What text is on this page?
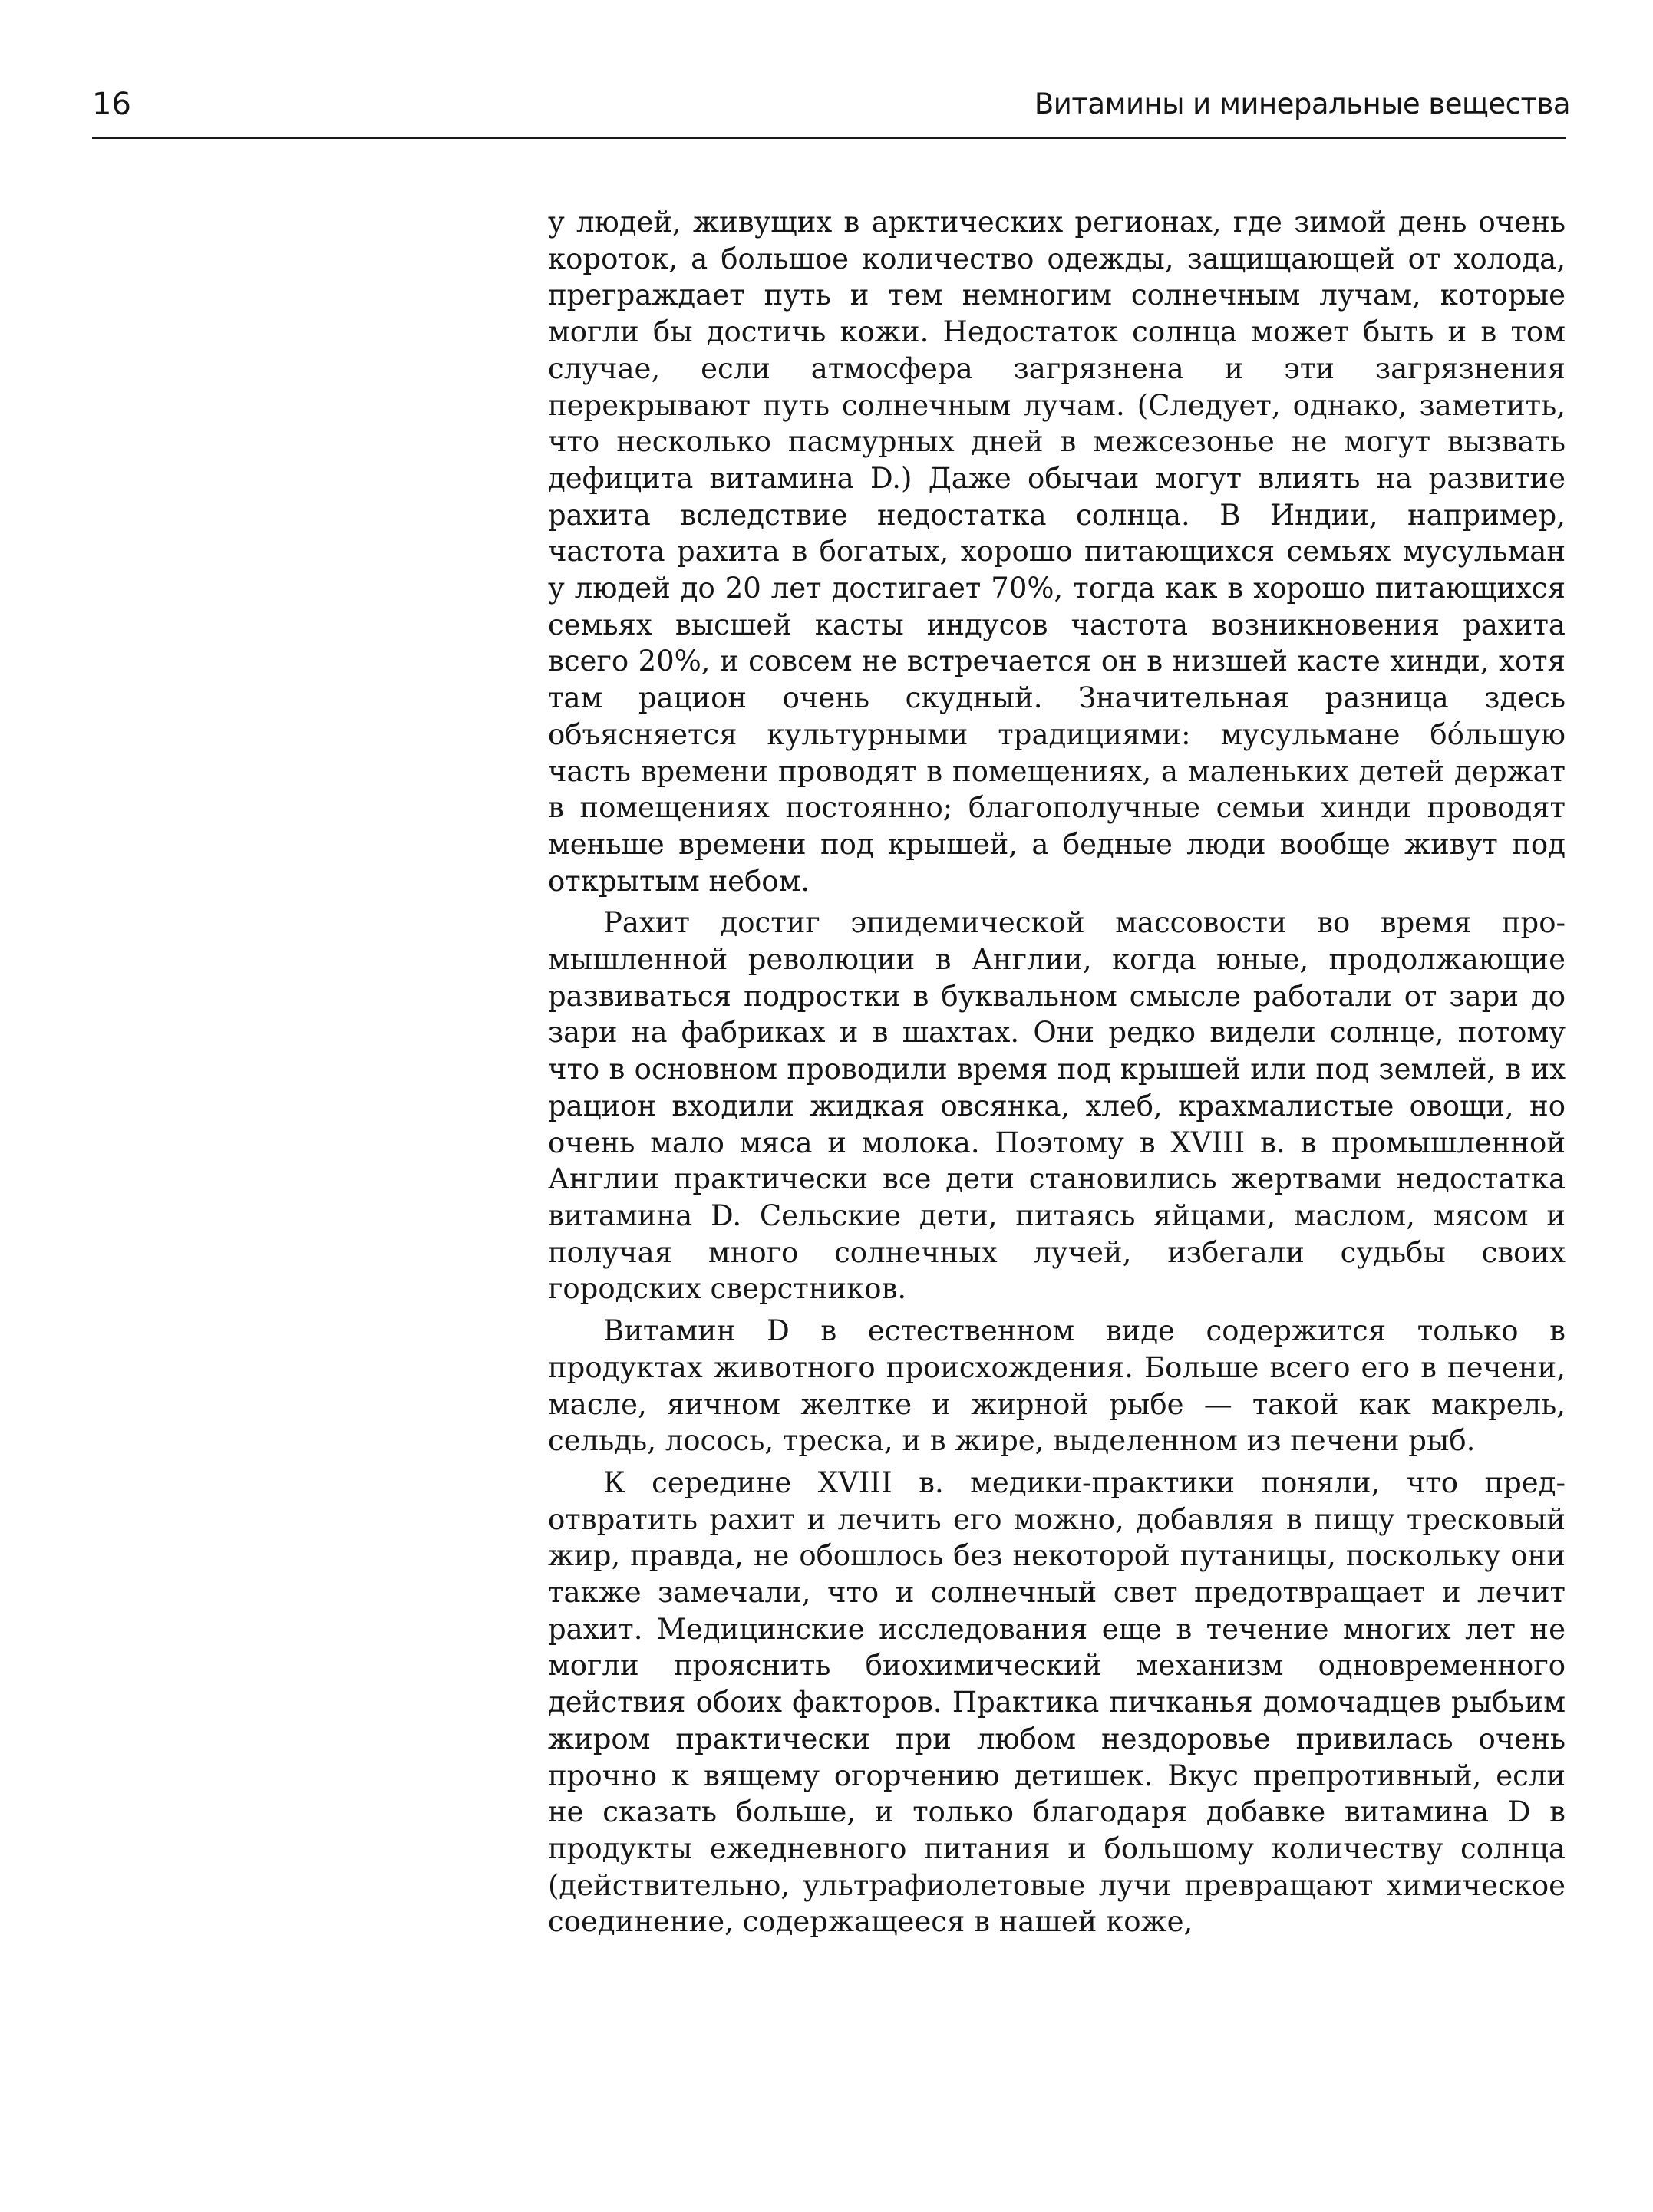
16	Витамины и минеральные вещества

у людей, живущих в арктических регионах, где зимой день очень короток, а большое количество одежды, защищающей от холода, преграждает путь и тем немногим солнечным лучам, которые могли бы достичь кожи. Недостаток солнца может быть и в том случае, если атмосфера загрязнена и эти загрязнения перекрывают путь солнечным лучам. (Следует, однако, заметить, что несколько пасмурных дней в межсезонье не могут вызвать дефицита витамина D.) Даже обычаи могут влиять на развитие рахита вследствие недостатка солнца. В Индии, например, частота рахита в богатых, хорошо питающихся семьях мусульман у людей до 20 лет достигает 70%, тогда как в хорошо питающихся семьях высшей касты индусов частота возникновения рахита всего 20%, и совсем не встречается он в низшей касте хинди, хотя там рацион очень скудный. Значительная разница здесь объясняется культурными традициями: мусульмане бо́льшую часть времени проводят в помещениях, а маленьких детей держат в помещениях постоянно; благополучные семьи хинди проводят меньше времени под крышей, а бедные люди вообще живут под открытым небом.

Рахит достиг эпидемической массовости во время промышленной революции в Англии, когда юные, продолжающие развиваться подростки в буквальном смысле работали от зари до зари на фабриках и в шахтах. Они редко видели солнце, потому что в основном проводили время под крышей или под землей, в их рацион входили жидкая овсянка, хлеб, крахмалистые овощи, но очень мало мяса и молока. Поэтому в XVIII в. в промышленной Англии практически все дети становились жертвами недостатка витамина D. Сельские дети, питаясь яйцами, маслом, мясом и получая много солнечных лучей, избегали судьбы своих городских сверстников.

Витамин D в естественном виде содержится только в продуктах животного происхождения. Больше всего его в печени, масле, яичном желтке и жирной рыбе — такой как макрель, сельдь, лосось, треска, и в жире, выделенном из печени рыб.

К середине XVIII в. медики-практики поняли, что предотвратить рахит и лечить его можно, добавляя в пищу тресковый жир, правда, не обошлось без некоторой путаницы, поскольку они также замечали, что и солнечный свет предотвращает и лечит рахит. Медицинские исследования еще в течение многих лет не могли прояснить биохимический механизм одновременного действия обоих факторов. Практика пичканья домочадцев рыбьим жиром практически при любом нездоровье привилась очень прочно к вящему огорчению детишек. Вкус препротивный, если не сказать больше, и только благодаря добавке витамина D в продукты ежедневного питания и большому количеству солнца (действительно, ультрафиолетовые лучи превращают химическое соединение, содержащееся в нашей коже,
